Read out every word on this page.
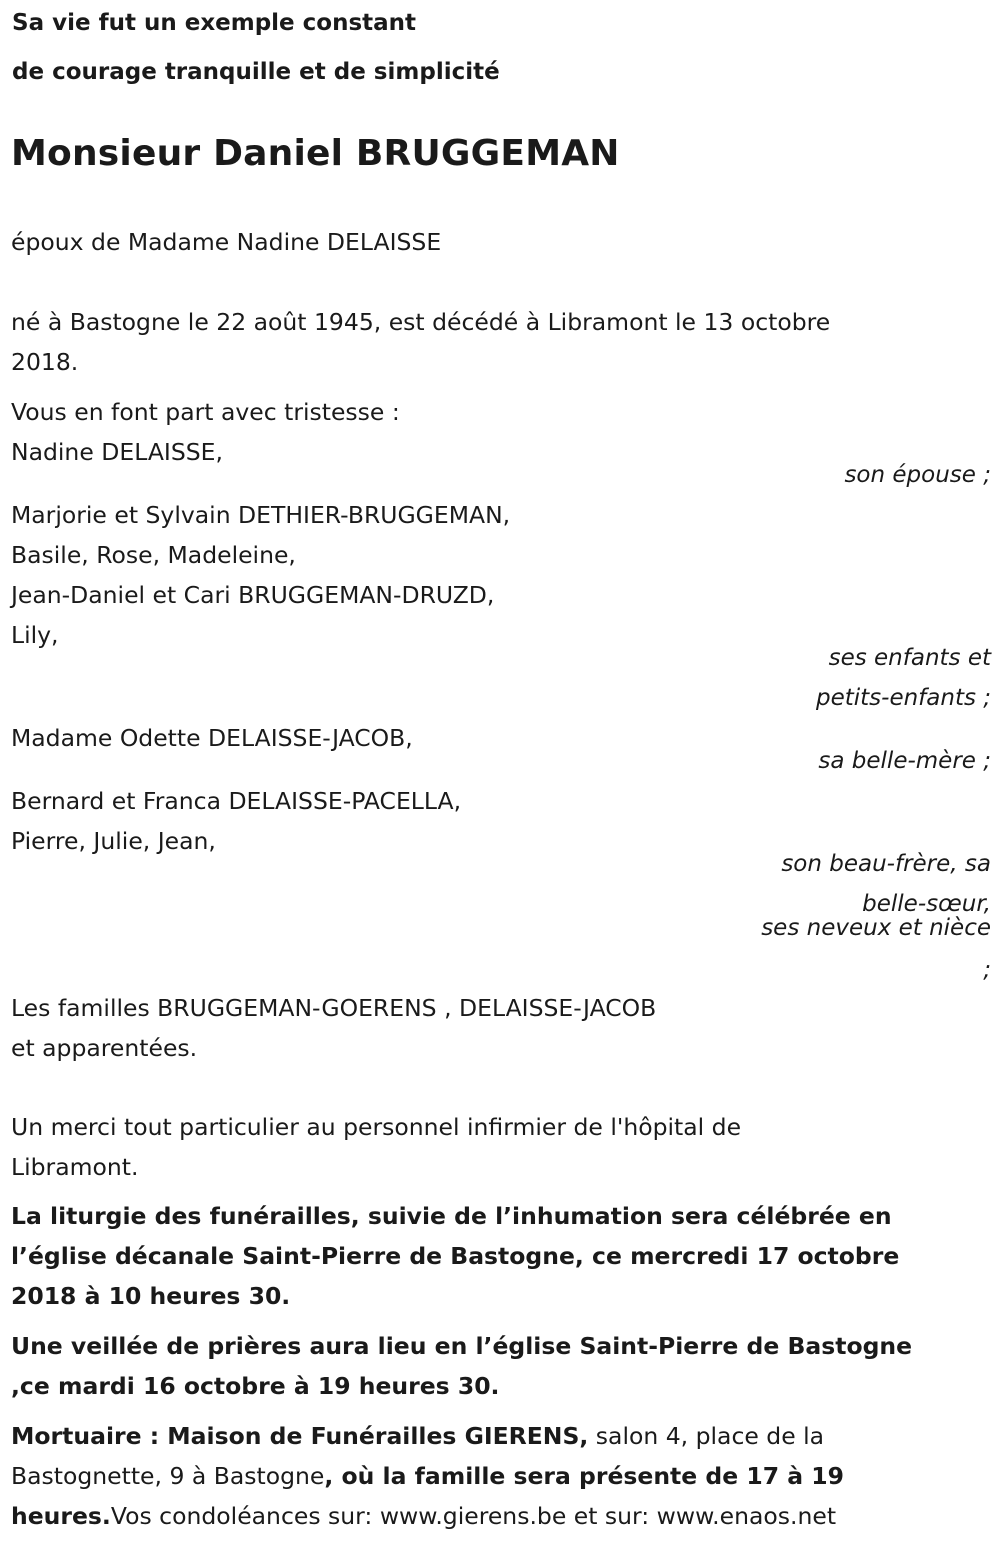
Sa vie fut un exemple constant
de courage tranquille et de simplicité
Monsieur Daniel BRUGGEMAN
époux de Madame Nadine DELAISSE
né à Bastogne le 22 août 1945, est décédé à Libramont le 13 octobre
2018.
Vous en font part avec tristesse :
Nadine DELAISSE,
son épouse ;
Marjorie et Sylvain DETHIER-BRUGGEMAN,
Basile, Rose, Madeleine,
Jean-Daniel et Cari BRUGGEMAN-DRUZD,
Lily,
ses enfants et
petits-enfants ;
Madame Odette DELAISSE-JACOB,
sa belle-mère ;
Bernard et Franca DELAISSE-PACELLA,
Pierre, Julie, Jean,
son beau-frère, sa
belle-sœur,
ses neveux et nièce
;
Les familles BRUGGEMAN-GOERENS , DELAISSE-JACOB
et apparentées.
Un merci tout particulier au personnel infirmier de l'hôpital de
Libramont.
La liturgie des funérailles, suivie de l’inhumation sera célébrée en
l’église décanale Saint-Pierre de Bastogne, ce mercredi 17 octobre
2018 à 10 heures 30.
Une veillée de prières aura lieu en l’église Saint-Pierre de Bastogne
,ce mardi 16 octobre à 19 heures 30.
Mortuaire : Maison de Funérailles GIERENS, salon 4, place de la
Bastognette, 9 à Bastogne, où la famille sera présente de 17 à 19
heures.Vos condoléances sur: www.gierens.be et sur: www.enaos.net
